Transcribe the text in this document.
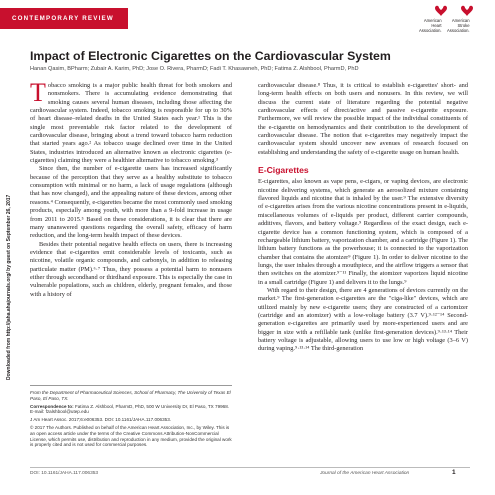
CONTEMPORARY REVIEW	American
Heart
Association.
American
Stroke
Association.
Impact of Electronic Cigarettes on the Cardiovascular System
Hanan Qasim, BPharm; Zubair A. Karim, PhD; Jose O. Rivera, PharmD; Fadi T. Khasawneh, PhD; Fatima Z. Alshbool, PharmD, PhD
Downloaded from http://jaha.ahajournals.org/ by guest on September 26, 2017

Tobacco smoking is a major public health threat for both smokers and nonsmokers. There is accumulating evidence demonstrating that smoking causes several human diseases, including those affecting the cardiovascular system. Indeed, tobacco smoking is responsible for up to 30% of heart disease–related deaths in the United States each year.¹ This is the single most preventable risk factor related to the development of cardiovascular disease, bringing about a trend toward tobacco harm reduction that started years ago.² As tobacco usage declined over time in the United States, industries introduced an alternative known as electronic cigarettes (e-cigarettes) claiming they were a healthier alternative to tobacco smoking.³

Since then, the number of e-cigarette users has increased significantly because of the perception that they serve as a healthy substitute to tobacco consumption with minimal or no harm, a lack of usage regulations (although that has now changed), and the appealing nature of these devices, among other reasons.⁴ Consequently, e-cigarettes became the most commonly used smoking products, especially among youth, with more than a 9-fold increase in usage from 2011 to 2015.⁵ Based on these considerations, it is clear that there are many unanswered questions regarding the overall safety, efficacy of harm reduction, and the long-term health impact of these devices.

Besides their potential negative health effects on users, there is increasing evidence that e-cigarettes emit considerable levels of toxicants, such as nicotine, volatile organic compounds, and carbonyls, in addition to releasing particulate matter (PM).⁶·⁷ Thus, they possess a potential harm to nonusers either through secondhand or thirdhand exposure. This is especially the case in vulnerable populations, such as children, elderly, pregnant females, and those with a history of

From the Department of Pharmaceutical Sciences, School of Pharmacy, The University of Texas El Paso, El Paso, TX.

Correspondence to: Fatima Z. Alshbool, PharmD, PhD, 500 W University Dr, El Paso, TX 79968. E-mail: fzalshbool@utep.edu

J Am Heart Assoc. 2017;6:e006353. DOI: 10.1161/JAHA.117.006353.

© 2017 The Authors. Published on behalf of the American Heart Association, Inc., by Wiley. This is an open access article under the terms of the Creative Commons Attribution-NonCommercial License, which permits use, distribution and reproduction in any medium, provided the original work is properly cited and is not used for commercial purposes.

cardiovascular disease.⁸ Thus, it is critical to establish e-cigarettes' short- and long-term health effects on both users and nonusers. In this review, we will discuss the current state of literature regarding the potential negative cardiovascular effects of direct/active and passive e-cigarette exposure. Furthermore, we will review the possible impact of the individual constituents of the e-cigarette on hemodynamics and their contribution to the development of cardiovascular disease. The notion that e-cigarettes may negatively impact the cardiovascular system should uncover new avenues of research focused on establishing and understanding the safety of e-cigarette usage on human health.

E-Cigarettes

E-cigarettes, also known as vape pens, e-cigars, or vaping devices, are electronic nicotine delivering systems, which generate an aerosolized mixture containing flavored liquids and nicotine that is inhaled by the user.⁹ The extensive diversity of e-cigarettes arises from the various nicotine concentrations present in e-liquids, miscellaneous volumes of e-liquids per product, different carrier compounds, additives, flavors, and battery voltage.⁹ Regardless of the exact design, each e-cigarette device has a common functioning system, which is composed of a rechargeable lithium battery, vaporization chamber, and a cartridge (Figure 1). The lithium battery functions as the powerhouse; it is connected to the vaporization chamber that contains the atomizer⁹ (Figure 1). In order to deliver nicotine to the lungs, the user inhales through a mouthpiece, and the airflow triggers a sensor that then switches on the atomizer.⁹⁻¹¹ Finally, the atomizer vaporizes liquid nicotine in a small cartridge (Figure 1) and delivers it to the lungs.⁹

With regard to their design, there are 4 generations of devices currently on the market.⁹ The first-generation e-cigarettes are the "ciga-like" devices, which are utilized mainly by new e-cigarette users; they are constructed of a cartomizer (cartridge and an atomizer) with a low-voltage battery (3.7 V).⁹·¹²⁻¹⁴ Second-generation e-cigarettes are primarily used by more-experienced users and are bigger in size with a refillable tank (unlike first-generation devices).⁹·¹³·¹⁴ Their battery voltage is adjustable, allowing users to use low or high voltage (3–6 V) during vaping.⁹·¹³·¹⁴ The third-generation

DOI: 10.1161/JAHA.117.006353	Journal of the American Heart Association	1
